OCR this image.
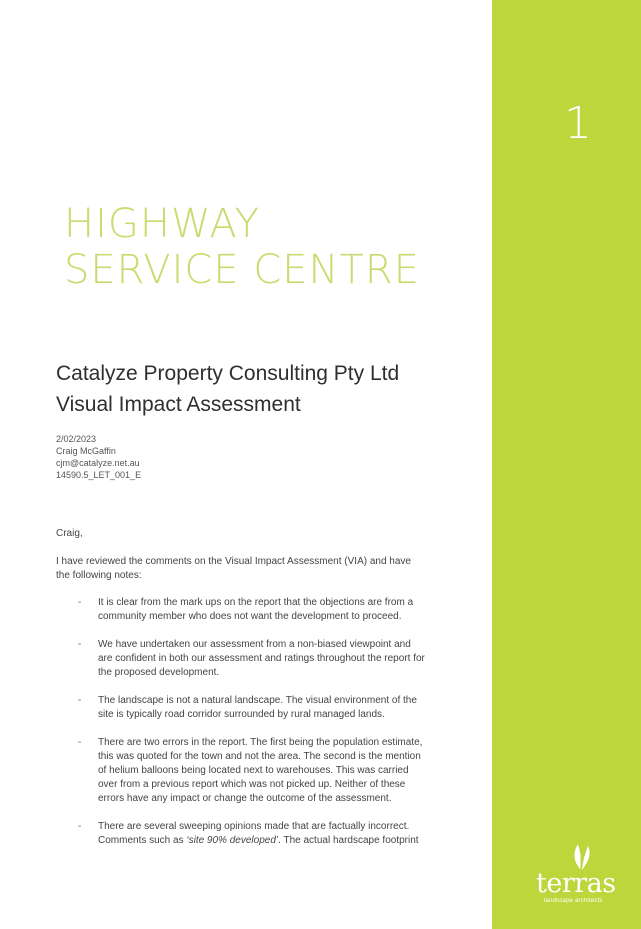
1
terras
landscape architects
HIGHWAY
SERVICE CENTRE
Catalyze Property Consulting Pty Ltd
Visual Impact Assessment
2/02/2023
Craig McGaffin
cjm@catalyze.net.au
14590.5_LET_001_E
Craig,
I have reviewed the comments on the Visual Impact Assessment (VIA) and have the following notes:
- It is clear from the mark ups on the report that the objections are from a community member who does not want the development to proceed.
- We have undertaken our assessment from a non-biased viewpoint and are confident in both our assessment and ratings throughout the report for the proposed development.
- The landscape is not a natural landscape. The visual environment of the site is typically road corridor surrounded by rural managed lands.
- There are two errors in the report. The first being the population estimate, this was quoted for the town and not the area. The second is the mention of helium balloons being located next to warehouses. This was carried over from a previous report which was not picked up. Neither of these errors have any impact or change the outcome of the assessment.
- There are several sweeping opinions made that are factually incorrect. Comments such as ‘site 90% developed’. The actual hardscape footprint
